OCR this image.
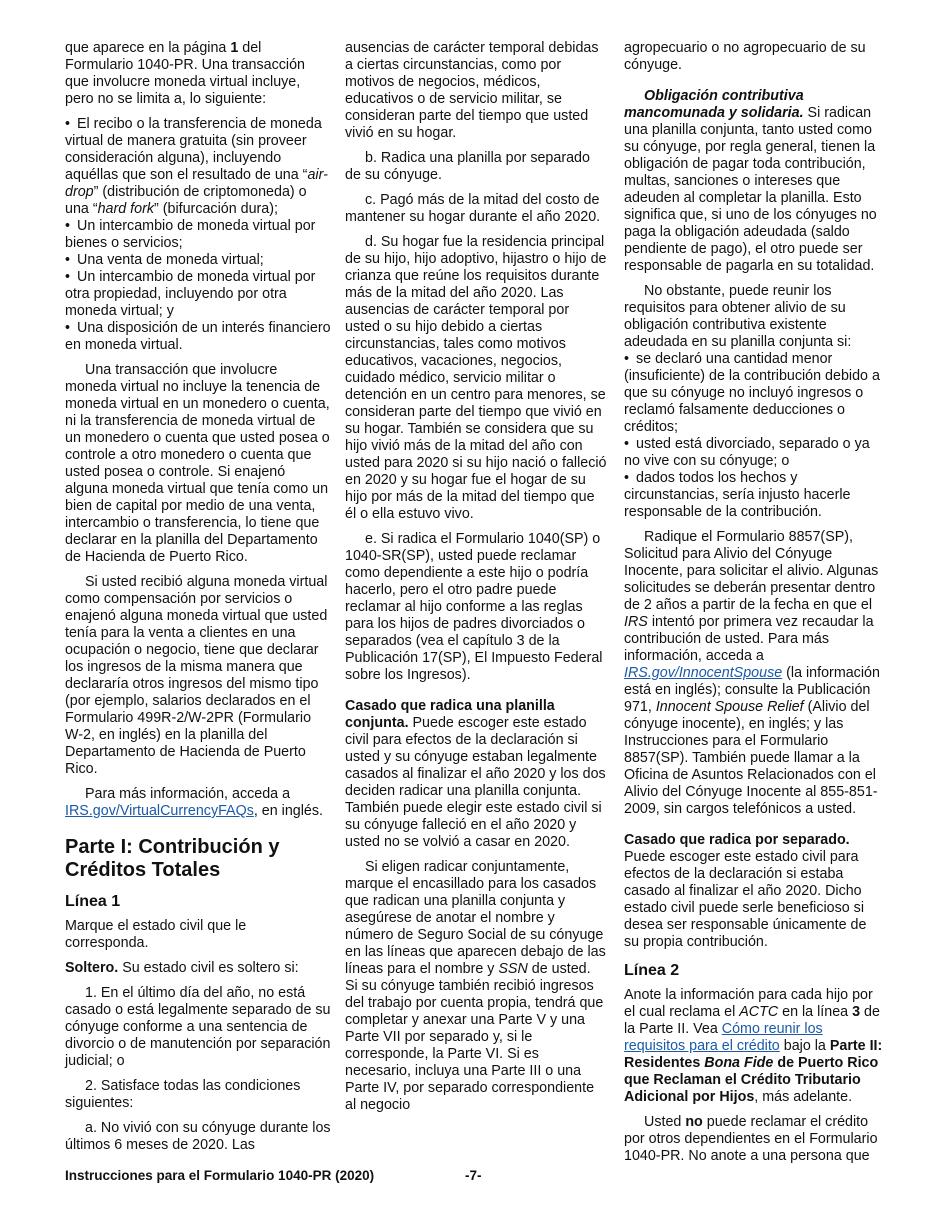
que aparece en la página 1 del Formulario 1040-PR. Una transacción que involucre moneda virtual incluye, pero no se limita a, lo siguiente:

• El recibo o la transferencia de moneda virtual de manera gratuita (sin proveer consideración alguna), incluyendo aquéllas que son el resultado de una “air-drop” (distribución de criptomoneda) o una “hard fork” (bifurcación dura);
• Un intercambio de moneda virtual por bienes o servicios;
• Una venta de moneda virtual;
• Un intercambio de moneda virtual por otra propiedad, incluyendo por otra moneda virtual; y
• Una disposición de un interés financiero en moneda virtual.

Una transacción que involucre moneda virtual no incluye la tenencia de moneda virtual en un monedero o cuenta, ni la transferencia de moneda virtual de un monedero o cuenta que usted posea o controle a otro monedero o cuenta que usted posea o controle. Si enajenó alguna moneda virtual que tenía como un bien de capital por medio de una venta, intercambio o transferencia, lo tiene que declarar en la planilla del Departamento de Hacienda de Puerto Rico.

Si usted recibió alguna moneda virtual como compensación por servicios o enajenó alguna moneda virtual que usted tenía para la venta a clientes en una ocupación o negocio, tiene que declarar los ingresos de la misma manera que declararía otros ingresos del mismo tipo (por ejemplo, salarios declarados en el Formulario 499R-2/W-2PR (Formulario W-2, en inglés) en la planilla del Departamento de Hacienda de Puerto Rico.

Para más información, acceda a IRS.gov/VirtualCurrencyFAQs, en inglés.

Parte I: Contribución y Créditos Totales
Línea 1

Marque el estado civil que le corresponda.

Soltero. Su estado civil es soltero si:

1. En el último día del año, no está casado o está legalmente separado de su cónyuge conforme a una sentencia de divorcio o de manutención por separación judicial; o

2. Satisface todas las condiciones siguientes:

a. No vivió con su cónyuge durante los últimos 6 meses de 2020. Las

ausencias de carácter temporal debidas a ciertas circunstancias, como por motivos de negocios, médicos, educativos o de servicio militar, se consideran parte del tiempo que usted vivió en su hogar.

b. Radica una planilla por separado de su cónyuge.

c. Pagó más de la mitad del costo de mantener su hogar durante el año 2020.

d. Su hogar fue la residencia principal de su hijo, hijo adoptivo, hijastro o hijo de crianza que reúne los requisitos durante más de la mitad del año 2020. Las ausencias de carácter temporal por usted o su hijo debido a ciertas circunstancias, tales como motivos educativos, vacaciones, negocios, cuidado médico, servicio militar o detención en un centro para menores, se consideran parte del tiempo que vivió en su hogar. También se considera que su hijo vivió más de la mitad del año con usted para 2020 si su hijo nació o falleció en 2020 y su hogar fue el hogar de su hijo por más de la mitad del tiempo que él o ella estuvo vivo.

e. Si radica el Formulario 1040(SP) o 1040-SR(SP), usted puede reclamar como dependiente a este hijo o podría hacerlo, pero el otro padre puede reclamar al hijo conforme a las reglas para los hijos de padres divorciados o separados (vea el capítulo 3 de la Publicación 17(SP), El Impuesto Federal sobre los Ingresos).

Casado que radica una planilla conjunta. Puede escoger este estado civil para efectos de la declaración si usted y su cónyuge estaban legalmente casados al finalizar el año 2020 y los dos deciden radicar una planilla conjunta. También puede elegir este estado civil si su cónyuge falleció en el año 2020 y usted no se volvió a casar en 2020.

Si eligen radicar conjuntamente, marque el encasillado para los casados que radican una planilla conjunta y asegúrese de anotar el nombre y número de Seguro Social de su cónyuge en las líneas que aparecen debajo de las líneas para el nombre y SSN de usted. Si su cónyuge también recibió ingresos del trabajo por cuenta propia, tendrá que completar y anexar una Parte V y una Parte VII por separado y, si le corresponde, la Parte VI. Si es necesario, incluya una Parte III o una Parte IV, por separado correspondiente al negocio

agropecuario o no agropecuario de su cónyuge.

Obligación contributiva mancomunada y solidaria. Si radican una planilla conjunta, tanto usted como su cónyuge, por regla general, tienen la obligación de pagar toda contribución, multas, sanciones o intereses que adeuden al completar la planilla. Esto significa que, si uno de los cónyuges no paga la obligación adeudada (saldo pendiente de pago), el otro puede ser responsable de pagarla en su totalidad.

No obstante, puede reunir los requisitos para obtener alivio de su obligación contributiva existente adeudada en su planilla conjunta si:

• se declaró una cantidad menor (insuficiente) de la contribución debido a que su cónyuge no incluyó ingresos o reclamó falsamente deducciones o créditos;
• usted está divorciado, separado o ya no vive con su cónyuge; o
• dados todos los hechos y circunstancias, sería injusto hacerle responsable de la contribución.

Radique el Formulario 8857(SP), Solicitud para Alivio del Cónyuge Inocente, para solicitar el alivio. Algunas solicitudes se deberán presentar dentro de 2 años a partir de la fecha en que el IRS intentó por primera vez recaudar la contribución de usted. Para más información, acceda a IRS.gov/InnocentSpouse (la información está en inglés); consulte la Publicación 971, Innocent Spouse Relief (Alivio del cónyuge inocente), en inglés; y las Instrucciones para el Formulario 8857(SP). También puede llamar a la Oficina de Asuntos Relacionados con el Alivio del Cónyuge Inocente al 855-851-2009, sin cargos telefónicos a usted.

Casado que radica por separado. Puede escoger este estado civil para efectos de la declaración si estaba casado al finalizar el año 2020. Dicho estado civil puede serle beneficioso si desea ser responsable únicamente de su propia contribución.

Línea 2

Anote la información para cada hijo por el cual reclama el ACTC en la línea 3 de la Parte II. Vea Cómo reunir los requisitos para el crédito bajo la Parte II: Residentes Bona Fide de Puerto Rico que Reclaman el Crédito Tributario Adicional por Hijos, más adelante.

Usted no puede reclamar el crédito por otros dependientes en el Formulario 1040-PR. No anote a una persona que

Instrucciones para el Formulario 1040-PR (2020)	-7-
